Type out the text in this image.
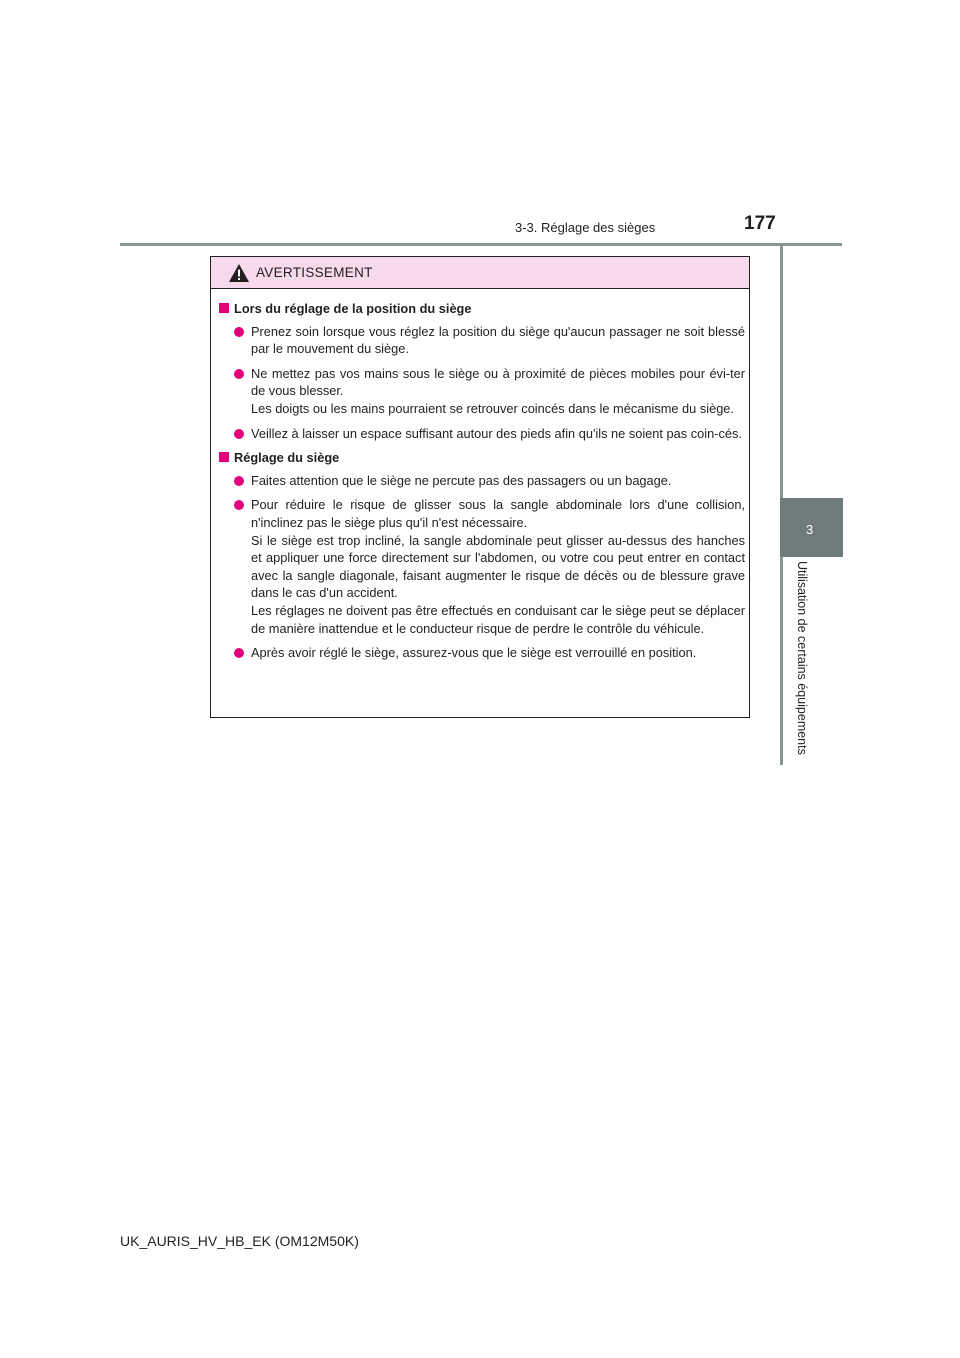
3-3. Réglage des sièges	177
3
Utilisation de certains équipements
AVERTISSEMENT
Lors du réglage de la position du siège

Prenez soin lorsque vous réglez la position du siège qu'aucun passager ne soit blessé par le mouvement du siège.

Ne mettez pas vos mains sous le siège ou à proximité de pièces mobiles pour évi-ter de vous blesser.

Les doigts ou les mains pourraient se retrouver coincés dans le mécanisme du siège.

Veillez à laisser un espace suffisant autour des pieds afin qu'ils ne soient pas coin-cés.

Réglage du siège

Faites attention que le siège ne percute pas des passagers ou un bagage.

Pour réduire le risque de glisser sous la sangle abdominale lors d'une collision, n'inclinez pas le siège plus qu'il n'est nécessaire.

Si le siège est trop incliné, la sangle abdominale peut glisser au-dessus des hanches et appliquer une force directement sur l'abdomen, ou votre cou peut entrer en contact avec la sangle diagonale, faisant augmenter le risque de décès ou de blessure grave dans le cas d'un accident.

Les réglages ne doivent pas être effectués en conduisant car le siège peut se déplacer de manière inattendue et le conducteur risque de perdre le contrôle du véhicule.

Après avoir réglé le siège, assurez-vous que le siège est verrouillé en position.

UK_AURIS_HV_HB_EK (OM12M50K)
